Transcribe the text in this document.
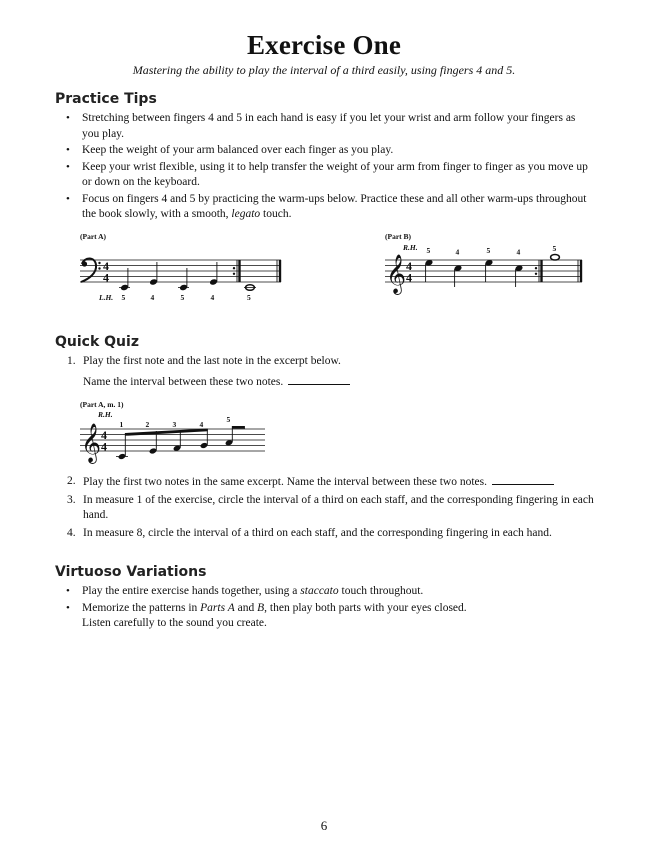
Exercise One
Mastering the ability to play the interval of a third easily, using fingers 4 and 5.
Practice Tips
• Stretching between fingers 4 and 5 in each hand is easy if you let your wrist and arm follow your fingers as you play.
• Keep the weight of your arm balanced over each finger as you play.
• Keep your wrist flexible, using it to help transfer the weight of your arm from finger to finger as you move up or down on the keyboard.
• Focus on fingers 4 and 5 by practicing the warm-ups below. Practice these and all other warm-ups throughout the book slowly, with a smooth, legato touch.
(Part A)
4
4
L.H. 5	4	5	4	5
(Part B)
R.H.
𝄞 4
4
5	4	5	4	5
Quick Quiz
1. Play the first note and the last note in the excerpt below.
Name the interval between these two notes.
(Part A, m. 1)
R.H.
𝄞 4
4
1	2	3	4
5
2. Play the first two notes in the same excerpt. Name the interval between these two notes.
3. In measure 1 of the exercise, circle the interval of a third on each staff, and the corresponding fingering in each hand.
4. In measure 8, circle the interval of a third on each staff, and the corresponding fingering in each hand.
Virtuoso Variations
• Play the entire exercise hands together, using a staccato touch throughout.
• Memorize the patterns in Parts A and B, then play both parts with your eyes closed.
Listen carefully to the sound you create.
6
